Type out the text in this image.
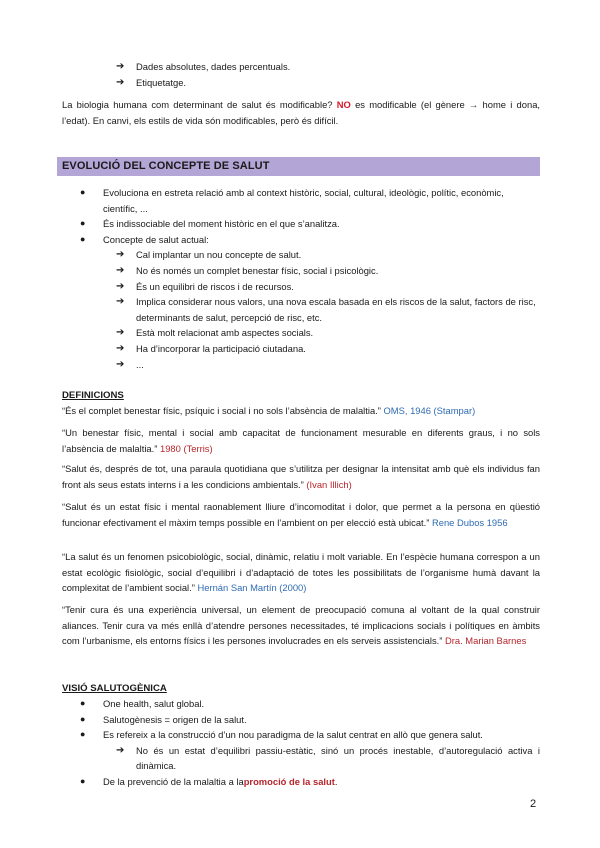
➔ Dades absolutes, dades percentuals.
➔ Etiquetatge.

La biologia humana com determinant de salut és modificable? NO es modificable (el gènere → home i dona, l’edat). En canvi, els estils de vida són modificables, però és difícil.

EVOLUCIÓ DEL CONCEPTE DE SALUT
● Evoluciona en estreta relació amb al context històric, social, cultural, ideològic, polític, econòmic, científic, ...
● És indissociable del moment històric en el que s’analitza.
● Concepte de salut actual:
➔ Cal implantar un nou concepte de salut.
➔ No és només un complet benestar físic, social i psicològic.
➔ És un equilibri de riscos i de recursos.
➔ Implica considerar nous valors, una nova escala basada en els riscos de la salut, factors de risc, determinants de salut, percepció de risc, etc.
➔ Està molt relacionat amb aspectes socials.
➔ Ha d’incorporar la participació ciutadana.
➔ ...
DEFINICIONS

“És el complet benestar físic, psíquic i social i no sols l’absència de malaltia.” OMS, 1946 (Stampar)

“Un benestar físic, mental i social amb capacitat de funcionament mesurable en diferents graus, i no sols l’absència de malaltia.” 1980 (Terris)

“Salut és, després de tot, una paraula quotidiana que s’utilitza per designar la intensitat amb què els individus fan front als seus estats interns i a les condicions ambientals.” (Ivan Illich)

“Salut és un estat físic i mental raonablement lliure d’incomoditat i dolor, que permet a la persona en qüestió funcionar efectivament el màxim temps possible en l’ambient on per elecció està ubicat.” Rene Dubos 1956

“La salut és un fenomen psicobiològic, social, dinàmic, relatiu i molt variable. En l’espècie humana correspon a un estat ecològic fisiològic, social d’equilibri i d’adaptació de totes les possibilitats de l’organisme humà davant la complexitat de l’ambient social.” Hernán San Martín (2000)

“Tenir cura és una experiència universal, un element de preocupació comuna al voltant de la qual construir aliances. Tenir cura va més enllà d’atendre persones necessitades, té implicacions socials i polítiques en àmbits com l’urbanisme, els entorns físics i les persones involucrades en els serveis assistencials.” Dra. Marian Barnes

VISIÓ SALUTOGÈNICA
● One health, salut global.
● Salutogènesis = origen de la salut.
● Es refereix a la construcció d’un nou paradigma de la salut centrat en allò que genera salut.
➔ No és un estat d’equilibri passiu-estàtic, sinó un procés inestable, d’autoregulació activa i dinàmica.
● De la prevenció de la malaltia a lapromoció de la salut.
2
